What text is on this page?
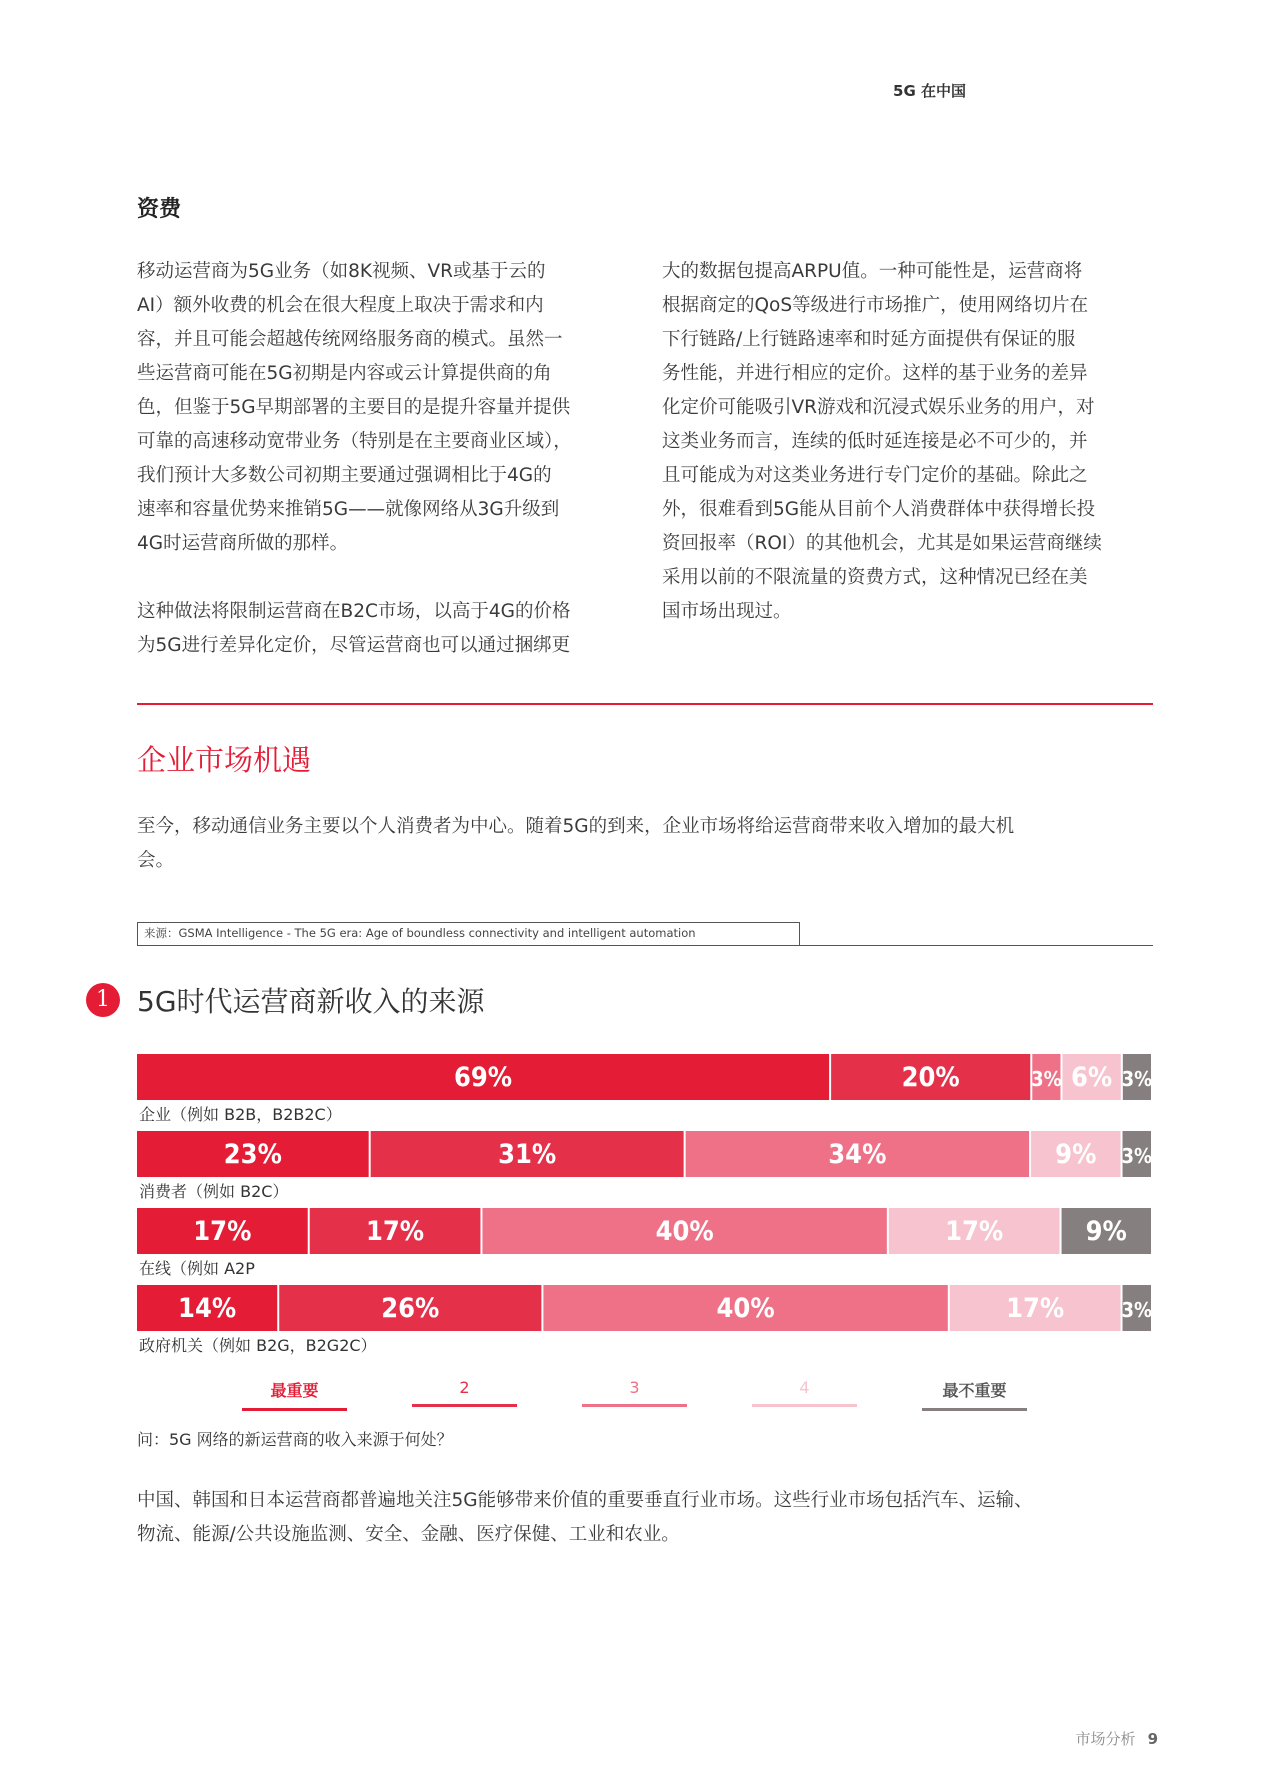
5G 在中国
资费
移动运营商为5G业务（如8K视频、VR或基于云的
AI）额外收费的机会在很大程度上取决于需求和内
容，并且可能会超越传统网络服务商的模式。虽然一
些运营商可能在5G初期是内容或云计算提供商的角
色，但鉴于5G早期部署的主要目的是提升容量并提供
可靠的高速移动宽带业务（特别是在主要商业区域），
我们预计大多数公司初期主要通过强调相比于4G的
速率和容量优势来推销5G——就像网络从3G升级到
4G时运营商所做的那样。
这种做法将限制运营商在B2C市场，以高于4G的价格
为5G进行差异化定价，尽管运营商也可以通过捆绑更
大的数据包提高ARPU值。一种可能性是，运营商将
根据商定的QoS等级进行市场推广，使用网络切片在
下行链路/上行链路速率和时延方面提供有保证的服
务性能，并进行相应的定价。这样的基于业务的差异
化定价可能吸引VR游戏和沉浸式娱乐业务的用户，对
这类业务而言，连续的低时延连接是必不可少的，并
且可能成为对这类业务进行专门定价的基础。除此之
外，很难看到5G能从目前个人消费群体中获得增长投
资回报率（ROI）的其他机会，尤其是如果运营商继续
采用以前的不限流量的资费方式，这种情况已经在美
国市场出现过。
企业市场机遇
至今，移动通信业务主要以个人消费者为中心。随着5G的到来，企业市场将给运营商带来收入增加的最大机
会。
来源：GSMA Intelligence - The 5G era: Age of boundless connectivity and intelligent automation
1 5G时代运营商新收入的来源
69%	20%	3% 6% 3%
企业（例如 B2B，B2B2C）
23%	31%	34%	9% 3%
消费者（例如 B2C）
17%	17%	40%	17%	9%
在线（例如 A2P
14%	26%	40%	17%	3%
政府机关（例如 B2G，B2G2C）
最重要	2	3	4	最不重要
问：5G 网络的新运营商的收入来源于何处？
中国、韩国和日本运营商都普遍地关注5G能够带来价值的重要垂直行业市场。这些行业市场包括汽车、运输、
物流、能源/公共设施监测、安全、金融、医疗保健、工业和农业。
市场分析 9
